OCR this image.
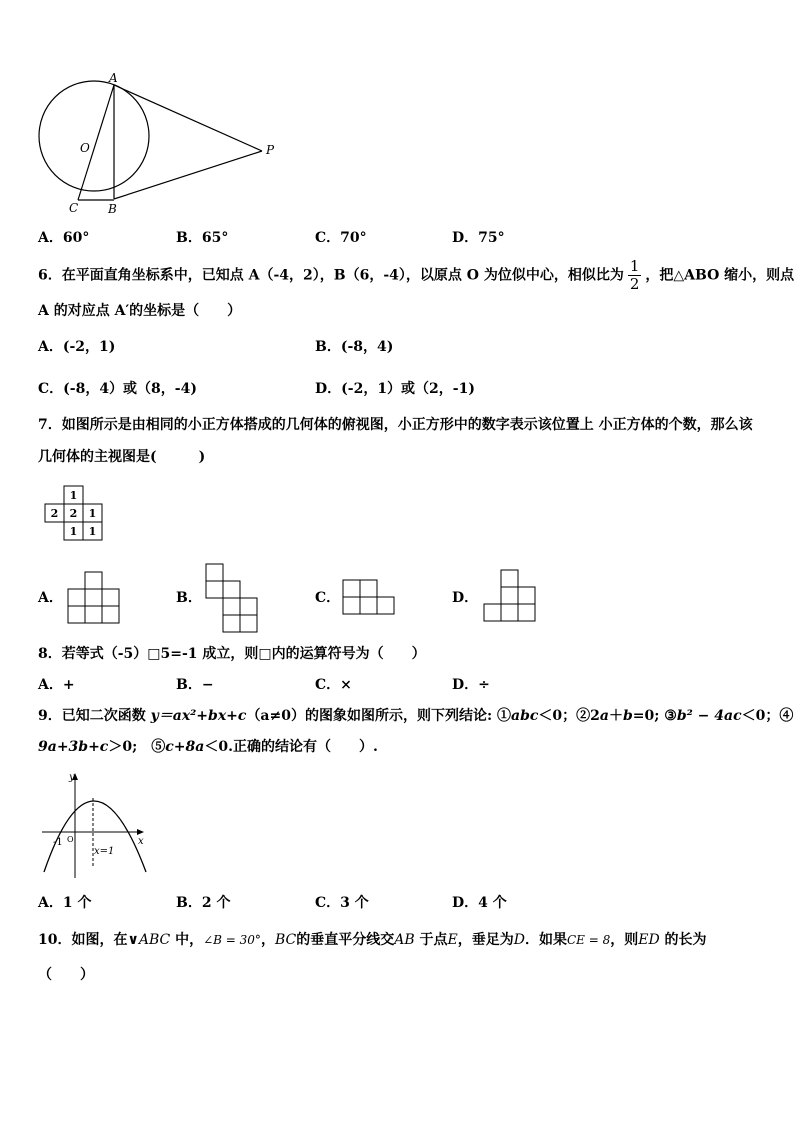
A
O	P
C B
A．60°	B．65°	C．70°	D．75°
6．在平面直角坐标系中，已知点 A（-4，2），B（6，-4），以原点 O 为位似中心，相似比为 $\frac{1}{2}$ ，把△ABO 缩小，则点
A 的对应点 A′的坐标是（　　）
A．(-2，1)	B．(-8，4)
C．(-8，4）或（8，-4)	D．(-2，1）或（2，-1)
7．如图所示是由相同的小正方体搭成的几何体的俯视图，小正方形中的数字表示该位置上 小正方体的个数，那么该
几何体的主视图是(　　　)
1
2 2 1
1 1
A．	B．	C．	D．
8．若等式（-5）□5=-1 成立，则□内的运算符号为（　　）
A．+	B．−	C．×	D．÷
9．已知二次函数 y＝ax²+bx+c（a≠0）的图象如图所示，则下列结论: ①abc＜0；②2a＋b=0; ③b² − 4ac＜0；④
9a+3b+c＞0;　⑤c+8a＜0.正确的结论有（　　）.
x
y
-1 O
x=1
A．1 个	B．2 个	C．3 个	D．4 个
10．如图，在∨ABC 中，∠B = 30°，BC的垂直平分线交AB 于点E，垂足为D．如果CE = 8，则ED 的长为
（　　）
